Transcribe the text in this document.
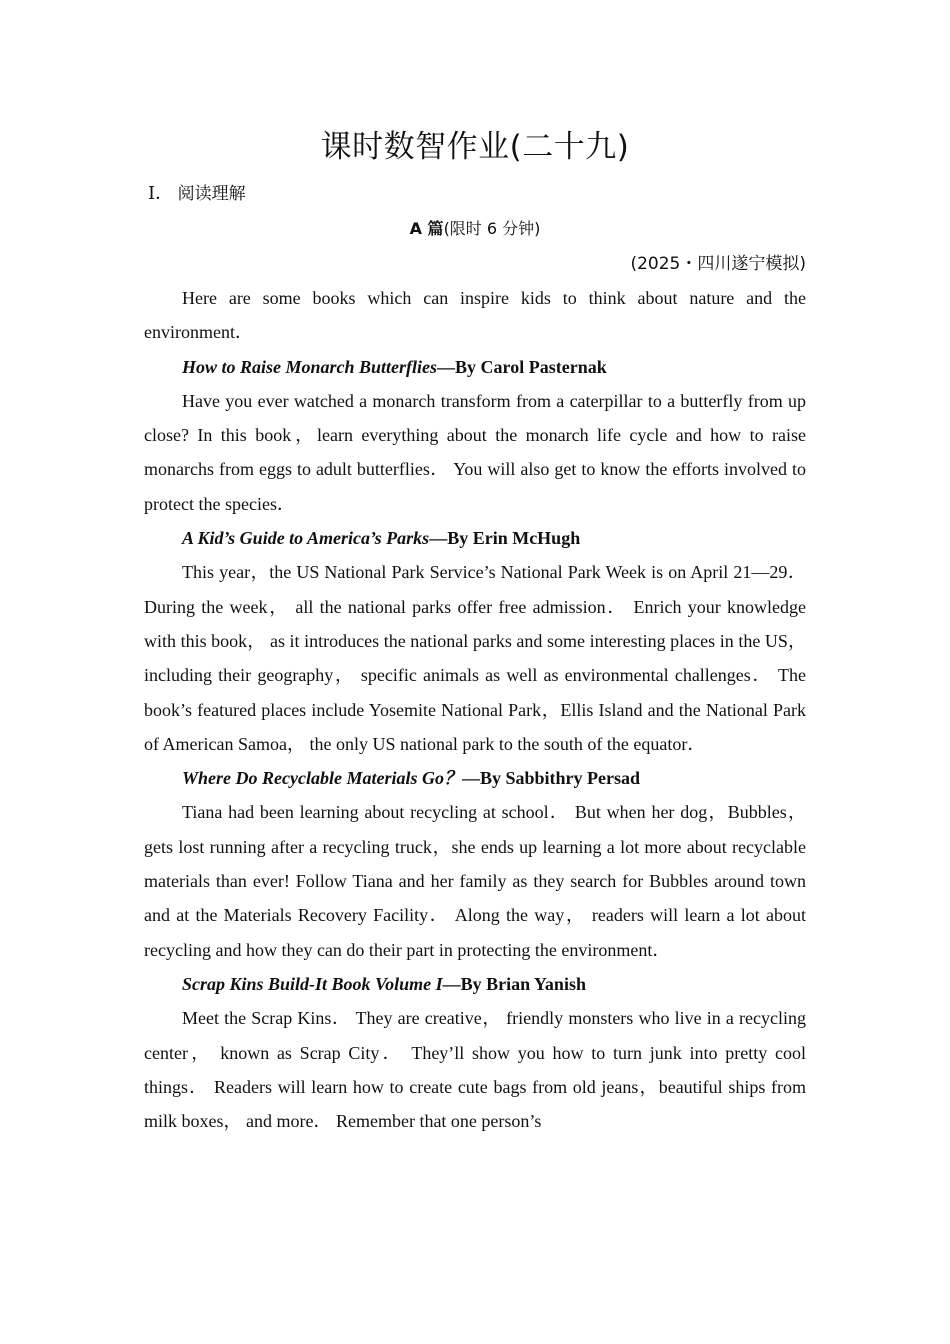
课时数智作业(二十九)

Ⅰ． 阅读理解

A 篇(限时 6 分钟)

(2025・四川遂宁模拟)

Here are some books which can inspire kids to think about nature and the environment．

How to Raise Monarch Butterflies—By Carol Pasternak

Have you ever watched a monarch transform from a caterpillar to a butterfly from up close? In this book，learn everything about the monarch life cycle and how to raise monarchs from eggs to adult butterflies． You will also get to know the efforts involved to protect the species．

A Kid’s Guide to America’s Parks—By Erin McHugh

This year，the US National Park Service’s National Park Week is on April 21—29． During the week， all the national parks offer free admission． Enrich your knowledge with this book， as it introduces the national parks and some interesting places in the US， including their geography， specific animals as well as environmental challenges． The book’s featured places include Yosemite National Park，Ellis Island and the National Park of American Samoa， the only US national park to the south of the equator．

Where Do Recyclable Materials Go？—By Sabbithry Persad

Tiana had been learning about recycling at school． But when her dog，Bubbles，gets lost running after a recycling truck，she ends up learning a lot more about recyclable materials than ever! Follow Tiana and her family as they search for Bubbles around town and at the Materials Recovery Facility． Along the way， readers will learn a lot about recycling and how they can do their part in protecting the environment．

Scrap Kins Build-It Book Volume I—By Brian Yanish

Meet the Scrap Kins． They are creative， friendly monsters who live in a recycling center， known as Scrap City． They’ll show you how to turn junk into pretty cool things． Readers will learn how to create cute bags from old jeans，beautiful ships from milk boxes， and more． Remember that one person’s
